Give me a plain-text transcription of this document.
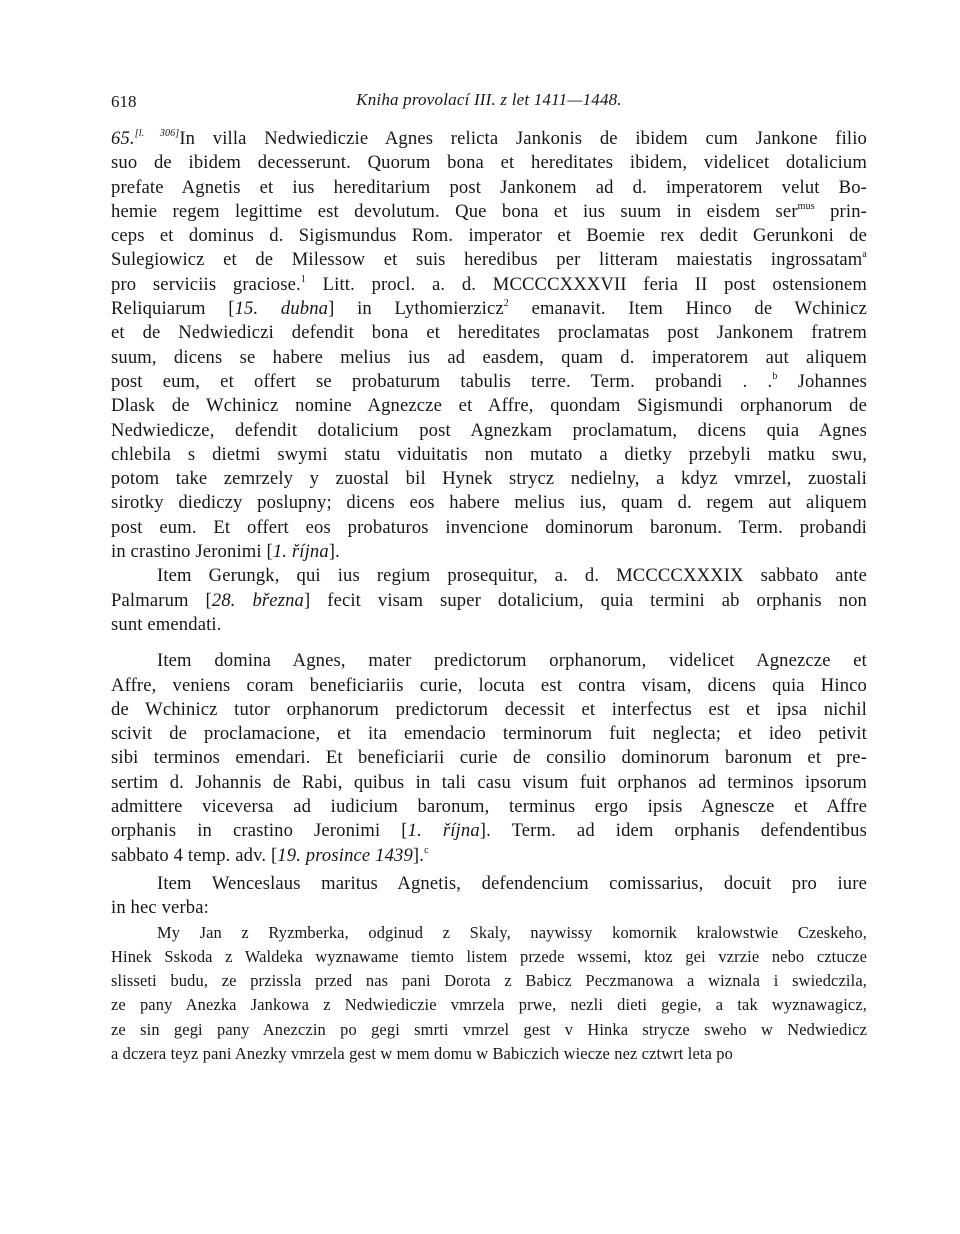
618	Kniha provolací III. z let 1411—1448.
65.[l. 306]In villa Nedwiediczie Agnes relicta Jankonis de ibidem cum Jankone filio
suo de ibidem decesserunt. Quorum bona et hereditates ibidem, videlicet dotalicium
prefate Agnetis et ius hereditarium post Jankonem ad d. imperatorem velut Bo-
hemie regem legittime est devolutum. Que bona et ius suum in eisdem ser$^{mus}$ prin-
ceps et dominus d. Sigismundus Rom. imperator et Boemie rex dedit Gerunkoni de
Sulegiowicz et de Milessow et suis heredibus per litteram maiestatis ingrossatam$^a$
pro serviciis graciose.$^1$ Litt. procl. a. d. MCCCCXXXVII feria II post ostensionem
Reliquiarum [15. dubna] in Lythomierzicz$^2$ emanavit. Item Hinco de Wchinicz
et de Nedwiediczi defendit bona et hereditates proclamatas post Jankonem fratrem
suum, dicens se habere melius ius ad easdem, quam d. imperatorem aut aliquem
post eum, et offert se probaturum tabulis terre. Term. probandi . .$^b$ Johannes
Dlask de Wchinicz nomine Agnezcze et Affre, quondam Sigismundi orphanorum de
Nedwiedicze, defendit dotalicium post Agnezkam proclamatum, dicens quia Agnes
chlebila s dietmi swymi statu viduitatis non mutato a dietky przebyli matku swu,
potom take zemrzely y zuostal bil Hynek strycz nedielny, a kdyz vmrzel, zuostali
sirotky diediczy poslupny; dicens eos habere melius ius, quam d. regem aut aliquem
post eum. Et offert eos probaturos invencione dominorum baronum. Term. probandi
in crastino Jeronimi [1. října].
Item Gerungk, qui ius regium prosequitur, a. d. MCCCCXXXIX sabbato ante
Palmarum [28. března] fecit visam super dotalicium, quia termini ab orphanis non
sunt emendati.
Item domina Agnes, mater predictorum orphanorum, videlicet Agnezcze et
Affre, veniens coram beneficiariis curie, locuta est contra visam, dicens quia Hinco
de Wchinicz tutor orphanorum predictorum decessit et interfectus est et ipsa nichil
scivit de proclamacione, et ita emendacio terminorum fuit neglecta; et ideo petivit
sibi terminos emendari. Et beneficiarii curie de consilio dominorum baronum et pre-
sertim d. Johannis de Rabi, quibus in tali casu visum fuit orphanos ad terminos ipsorum
admittere viceversa ad iudicium baronum, terminus ergo ipsis Agnescze et Affre
orphanis in crastino Jeronimi [1. října]. Term. ad idem orphanis defendentibus
sabbato 4 temp. adv. [19. prosince 1439].$^c$
Item Wenceslaus maritus Agnetis, defendencium comissarius, docuit pro iure
in hec verba:
My Jan z Ryzmberka, odginud z Skaly, naywissy komornik kralowstwie Czeskeho,
Hinek Sskoda z Waldeka wyznawame tiemto listem przede wssemi, ktoz gei vzrzie nebo cztucze
slisseti budu, ze przissla przed nas pani Dorota z Babicz Peczmanowa a wiznala i swiedczila,
ze pany Anezka Jankowa z Nedwiediczie vmrzela prwe, nezli dieti gegie, a tak wyznawagicz,
ze sin gegi pany Anezczin po gegi smrti vmrzel gest v Hinka strycze sweho w Nedwiedicz
a dczera teyz pani Anezky vmrzela gest w mem domu w Babiczich wiecze nez cztwrt leta po
